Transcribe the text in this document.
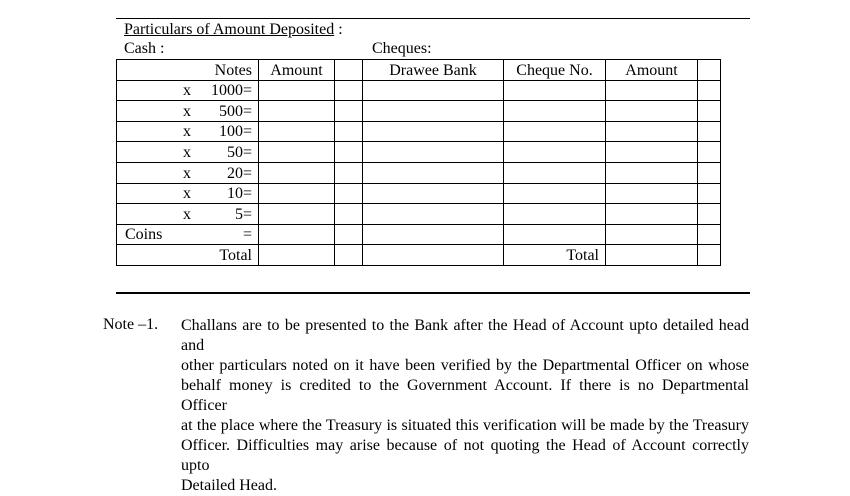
Particulars of Amount Deposited :
Cash :	Cheques:
Notes	Amount		Drawee Bank	Cheque No.	Amount	

x 1000=						

x 500=						

x 100=						

x 50=						

x 20=						

x 10=						

x 5=						

Coins =						

Total				Total		
Note –1. Challans are to be presented to the Bank after the Head of Account upto detailed head and
other particulars noted on it have been verified by the Departmental Officer on whose
behalf money is credited to the Government Account. If there is no Departmental Officer
at the place where the Treasury is situated this verification will be made by the Treasury
Officer. Difficulties may arise because of not quoting the Head of Account correctly upto
Detailed Head.
